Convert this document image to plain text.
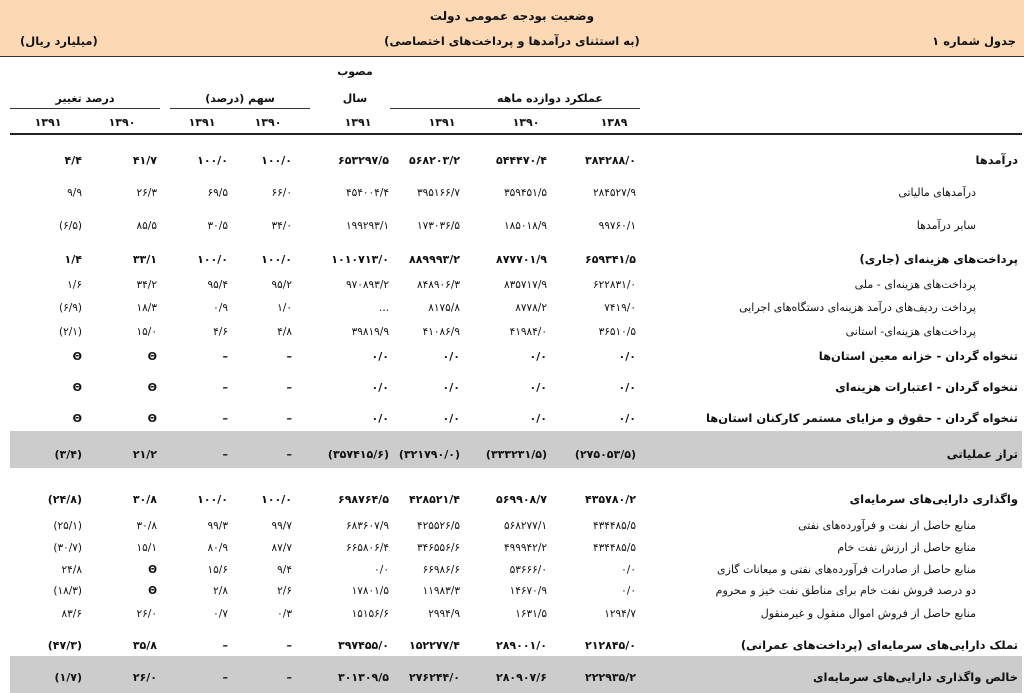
وضعیت بودجه عمومی دولت
(به استثنای درآمدها و پرداخت‌های اختصاصی)	جدول شماره ۱
(میلیارد ریال)
مصوب
سال	عملکرد دوازده ماهه
سهم (درصد)
درصد تغییر
۱۳۸۹
۱۳۹۰
۱۳۹۱
۱۳۹۱
۱۳۹۰
۱۳۹۱
۱۳۹۰
۱۳۹۱
درآمدها
۳۸۴۲۸۸/۰
۵۴۴۴۷۰/۴
۵۶۸۲۰۳/۲
۶۵۳۲۹۷/۵
۱۰۰/۰
۱۰۰/۰
۴۱/۷
۴/۴
درآمدهای مالیاتی
۲۸۴۵۲۷/۹
۳۵۹۴۵۱/۵
۳۹۵۱۶۶/۷
۴۵۴۰۰۴/۴
۶۶/۰
۶۹/۵
۲۶/۳
۹/۹
سایر درآمدها
۹۹۷۶۰/۱
۱۸۵۰۱۸/۹
۱۷۳۰۳۶/۵
۱۹۹۲۹۳/۱
۳۴/۰
۳۰/۵
۸۵/۵
(۶/۵)
پرداخت‌های هزینه‌ای (جاری)
۶۵۹۳۴۱/۵
۸۷۷۷۰۱/۹
۸۸۹۹۹۳/۲
۱۰۱۰۷۱۳/۰
۱۰۰/۰
۱۰۰/۰
۳۳/۱
۱/۴
پرداخت‌های هزینه‌ای - ملی
۶۲۲۸۳۱/۰
۸۳۵۷۱۷/۹
۸۴۸۹۰۶/۳
۹۷۰۸۹۳/۲
۹۵/۲
۹۵/۴
۳۴/۲
۱/۶
پرداخت ردیف‌های درآمد هزینه‌ای دستگاه‌های اجرایی
۷۴۱۹/۰
۸۷۷۸/۲
۸۱۷۵/۸
...
۱/۰
۰/۹
۱۸/۳
(۶/۹)
پرداخت‌های هزینه‌ای- استانی
۳۶۵۱۰/۵
۴۱۹۸۴/۰
۴۱۰۸۶/۹
۳۹۸۱۹/۹
۴/۸
۴/۶
۱۵/۰
(۲/۱)
تنخواه گردان - خزانه معین استان‌ها
۰/۰
۰/۰
۰/۰
۰/۰
–
–
Θ
Θ
تنخواه گردان - اعتبارات هزینه‌ای
۰/۰
۰/۰
۰/۰
۰/۰
–
–
Θ
Θ
تنخواه گردان - حقوق و مزایای مستمر کارکنان استان‌ها
۰/۰
۰/۰
۰/۰
۰/۰
–
–
Θ
Θ
تراز عملیاتی
(۲۷۵۰۵۳/۵)
(۳۳۳۲۳۱/۵)
(۳۲۱۷۹۰/۰)
(۳۵۷۴۱۵/۶)
–
–
۲۱/۲
(۳/۴)
واگذاری دارایی‌های سرمایه‌ای
۴۳۵۷۸۰/۲
۵۶۹۹۰۸/۷
۴۲۸۵۲۱/۴
۶۹۸۷۶۴/۵
۱۰۰/۰
۱۰۰/۰
۳۰/۸
(۲۴/۸)
منابع حاصل از نفت و فرآورده‌های نفتی
۴۳۴۴۸۵/۵
۵۶۸۲۷۷/۱
۴۲۵۵۲۶/۵
۶۸۳۶۰۷/۹
۹۹/۷
۹۹/۳
۳۰/۸
(۲۵/۱)
منابع حاصل از ارزش نفت خام
۴۳۴۴۸۵/۵
۴۹۹۹۴۲/۲
۳۴۶۵۵۶/۶
۶۶۵۸۰۶/۴
۸۷/۷
۸۰/۹
۱۵/۱
(۳۰/۷)
منابع حاصل از صادرات فرآورده‌های نفتی و میعانات گازی
۰/۰
۵۳۶۶۶/۰
۶۶۹۸۶/۶
۰/۰
۹/۴
۱۵/۶
Θ
۲۴/۸
دو درصد فروش نفت خام برای مناطق نفت خیز و محروم
۰/۰
۱۴۶۷۰/۹
۱۱۹۸۳/۳
۱۷۸۰۱/۵
۲/۶
۲/۸
Θ
(۱۸/۳)
منابع حاصل از فروش اموال منقول و غیرمنقول
۱۲۹۴/۷
۱۶۳۱/۵
۲۹۹۴/۹
۱۵۱۵۶/۶
۰/۳
۰/۷
۲۶/۰
۸۳/۶
تملک دارایی‌های سرمایه‌ای (پرداخت‌های عمرانی)
۲۱۲۸۴۵/۰
۲۸۹۰۰۱/۰
۱۵۲۲۷۷/۴
۳۹۷۴۵۵/۰
–
–
۳۵/۸
(۴۷/۳)
خالص واگذاری دارایی‌های سرمایه‌ای
۲۲۲۹۳۵/۲
۲۸۰۹۰۷/۶
۲۷۶۲۴۴/۰
۳۰۱۳۰۹/۵
–
–
۲۶/۰
(۱/۷)
